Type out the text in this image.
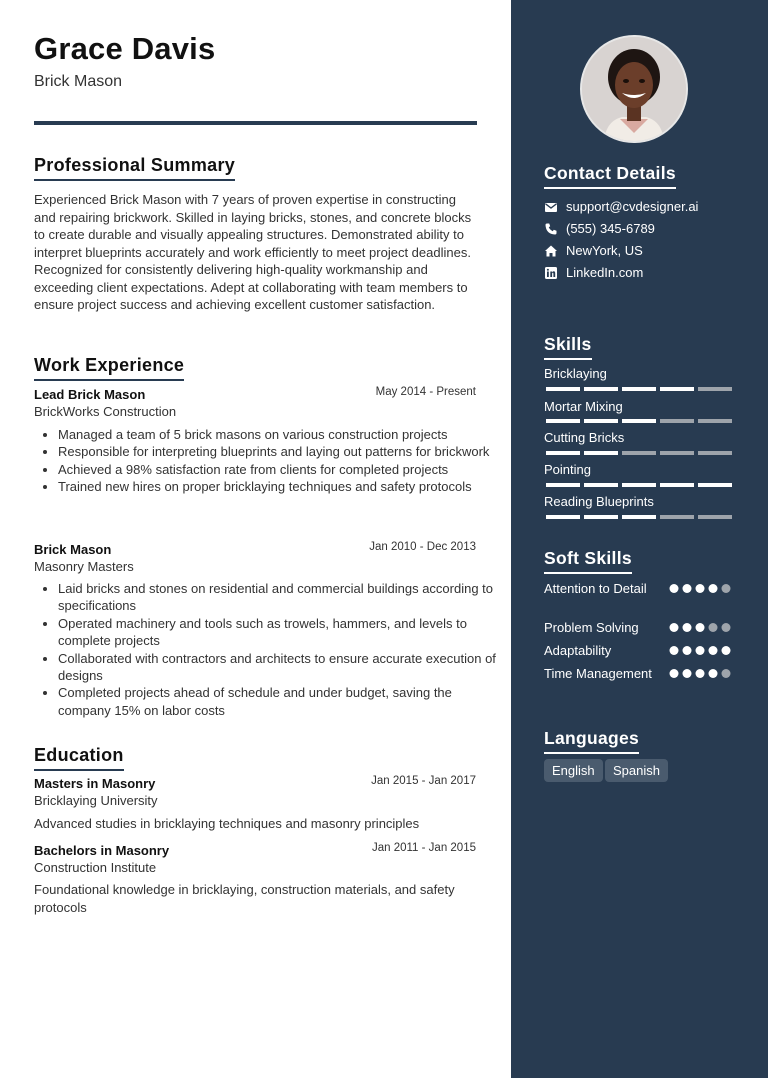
Grace Davis
Brick Mason
Professional Summary
Experienced Brick Mason with 7 years of proven expertise in constructing and repairing brickwork. Skilled in laying bricks, stones, and concrete blocks to create durable and visually appealing structures. Demonstrated ability to interpret blueprints accurately and work efficiently to meet project deadlines. Recognized for consistently delivering high-quality workmanship and exceeding client expectations. Adept at collaborating with team members to ensure project success and achieving excellent customer satisfaction.
Work Experience
Lead Brick Mason	May 2014 - Present
BrickWorks Construction
• Managed a team of 5 brick masons on various construction projects
• Responsible for interpreting blueprints and laying out patterns for brickwork
• Achieved a 98% satisfaction rate from clients for completed projects
• Trained new hires on proper bricklaying techniques and safety protocols
Brick Mason	Jan 2010 - Dec 2013
Masonry Masters
• Laid bricks and stones on residential and commercial buildings according to specifications
• Operated machinery and tools such as trowels, hammers, and levels to complete projects
• Collaborated with contractors and architects to ensure accurate execution of designs
• Completed projects ahead of schedule and under budget, saving the company 15% on labor costs
Education
Masters in Masonry	Jan 2015 - Jan 2017
Bricklaying University
Advanced studies in bricklaying techniques and masonry principles
Bachelors in Masonry	Jan 2011 - Jan 2015
Construction Institute
Foundational knowledge in bricklaying, construction materials, and safety protocols
Contact Details
support@cvdesigner.ai
(555) 345-6789
NewYork, US
LinkedIn.com
Skills
Bricklaying
Mortar Mixing
Cutting Bricks
Pointing
Reading Blueprints
Soft Skills
Attention to Detail
Problem Solving
Adaptability
Time Management
Languages
English	Spanish
